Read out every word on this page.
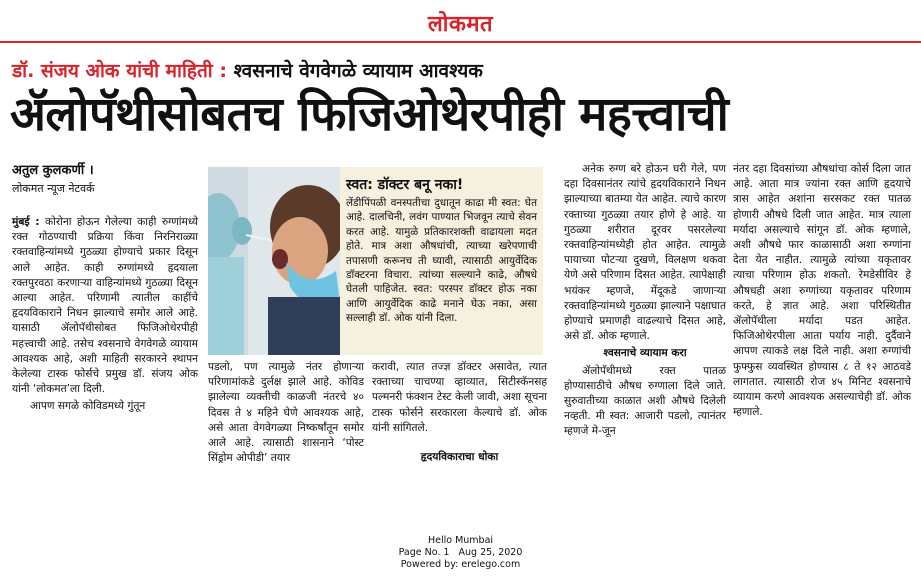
लोकमत
डॉ. संजय ओक यांची माहिती : श्वसनाचे वेगवेगळे व्यायाम आवश्यक
ॲलोपॅथीसोबतच फिजिओथेरपीही महत्त्वाची
अतुल कुलकर्णी ।
लोकमत न्यूज नेटवर्क

मुंबई : कोरोना होऊन गेलेल्या काही रुग्णांमध्ये रक्त गोठण्याची प्रक्रिया किंवा निरनिराळ्या रक्तवाहिन्यांमध्ये गुठळ्या होण्याचे प्रकार दिसून आले आहेत. काही रुग्णांमध्ये हृदयाला रक्तपुरवठा करणाऱ्या वाहिन्यांमध्ये गुठळ्या दिसून आल्या आहेत. परिणामी त्यातील काहींचे हृदयविकाराने निधन झाल्याचे समोर आले आहे. यासाठी ॲलोपॅथीसोबत फिजिओथेरपीही महत्त्वाची आहे. तसेच श्वसनाचे वेगवेगळे व्यायाम आवश्यक आहे, अशी माहिती सरकारने स्थापन केलेल्या टास्क फोर्सचे प्रमुख डॉ. संजय ओक यांनी ‘लोकमत’ला दिली.

आपण सगळे कोविडमध्ये गुंतून

स्वत: डॉक्टर बनू नका!
लेंडीपिंपळी वनस्पतीचा दुधातून काढा मी स्वत: घेत आहे. दालचिनी, लवंग पाण्यात भिजवून त्याचे सेवन करत आहे. यामुळे प्रतिकारशक्ती वाढायला मदत होते. मात्र अशा औषधांची, त्याच्या खरेपणाची तपासणी करूनच ती घ्यावी, त्यासाठी आयुर्वेदिक डॉक्टरना विचारा. त्यांच्या सल्ल्याने काढे, औषधे घेतली पाहिजेत. स्वत: परस्पर डॉक्टर होऊ नका आणि आयुर्वेदिक काढे मनाने घेऊ नका, असा सल्लाही डॉ. ओक यांनी दिला.

पडलो, पण त्यामुळे नंतर होणाऱ्या परिणामांकडे दुर्लक्ष झाले आहे. कोविड झालेल्या व्यक्तीची काळजी नंतरचे ४० दिवस ते ४ महिने घेणे आवश्यक आहे, असे आता वेगवेगळ्या निष्कर्षांतून समोर आले आहे. त्यासाठी शासनाने ‘पोस्ट सिंड्रोम ओपीडी’ तयार

करावी, त्यात तज्ज्ञ डॉक्टर असावेत, त्यात रक्ताच्या चाचण्या व्हाव्यात, सिटीस्कॅनसह पल्मनरी फंक्शन टेस्ट केली जावी, अशा सूचना टास्क फोर्सने सरकारला केल्याचे डॉ. ओक यांनी सांगितले.

हृदयविकाराचा धोका

अनेक रुग्ण बरे होऊन घरी गेले, पण दहा दिवसानंतर त्यांचे हृदयविकाराने निधन झाल्याच्या बातम्या येत आहेत. त्याचे कारण रक्ताच्या गुठळ्या तयार होणे हे आहे. या गुठळ्या शरीरात दूरवर पसरलेल्या रक्तवाहिन्यांमध्येही होत आहेत. त्यामुळे पायाच्या पोटऱ्या दुखणे, विलक्षण थकवा येणे असे परिणाम दिसत आहेत. त्यापेक्षाही भयंकर म्हणजे, मेंदूकडे जाणाऱ्या रक्तवाहिन्यांमध्ये गुठळ्या झाल्याने पक्षाघात होण्याचे प्रमाणही वाढल्याचे दिसत आहे, असे डॉ. ओक म्हणाले.

श्वसनाचे व्यायाम करा

ॲलोपॅथीमध्ये रक्त पातळ होण्यासाठीचे औषध रुग्णाला दिले जाते. सुरुवातीच्या काळात अशी औषधे दिलेली नव्हती. मी स्वत: आजारी पडलो, त्यानंतर म्हणजे मे-जून

नंतर दहा दिवसांच्या औषधांचा कोर्स दिला जात आहे. आता मात्र ज्यांना रक्त आणि हृदयाचे त्रास आहेत अशांना सरसकट रक्त पातळ होणारी औषधे दिली जात आहेत. मात्र त्याला मर्यादा असल्याचे सांगून डॉ. ओक म्हणाले, अशी औषधे फार काळासाठी अशा रुग्णांना देता येत नाहीत. त्यामुळे त्यांच्या यकृतावर त्याचा परिणाम होऊ शकतो. रेमडेसीविर हे औषधही अशा रुग्णांच्या यकृतावर परिणाम करते, हे ज्ञात आहे. अशा परिस्थितीत ॲलोपॅथीला मर्यादा पडत आहेत. फिजिओथेरपीला आता पर्याय नाही. दुर्दैवाने आपण त्याकडे लक्ष दिले नाही. अशा रुग्णांची फुफ्फुस व्यवस्थित होण्यास ८ ते १२ आठवडे लागतात. त्यासाठी रोज ४५ मिनिट श्वसनाचे व्यायाम करणे आवश्यक असल्याचेही डॉ. ओक म्हणाले.

Hello Mumbai
Page No. 1   Aug 25, 2020
Powered by: erelego.com
